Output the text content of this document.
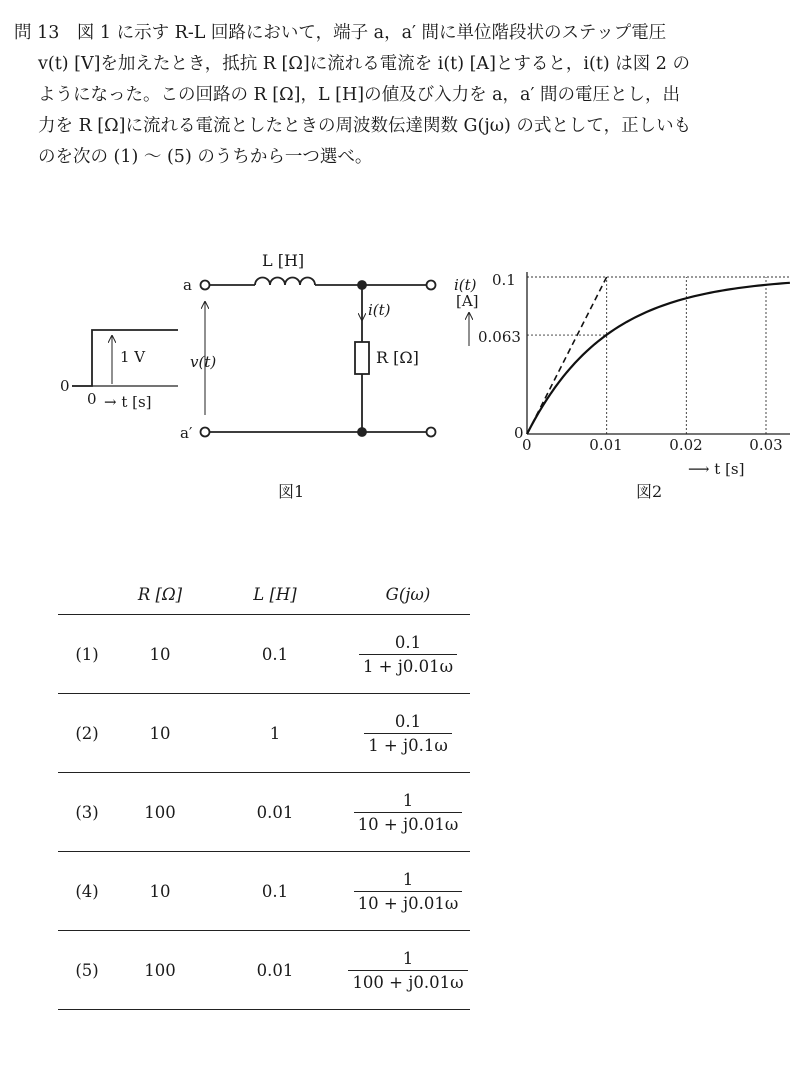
問 13　図 1 に示す R-L 回路において，端子 a，a′ 間に単位階段状のステップ電圧
v(t) [V]を加えたとき，抵抗 R [Ω]に流れる電流を i(t) [A]とすると，i(t) は図 2 の
ようになった。この回路の R [Ω]，L [H]の値及び入力を a，a′ 間の電圧とし，出
力を R [Ω]に流れる電流としたときの周波数伝達関数 G(jω) の式として，正しいも
のを次の (1) 〜 (5) のうちから一つ選べ。
0
0
1 V
→ t [s]
a
a′
L [H]
i(t)
R [Ω]
v(t)
図1
i(t)
[A]
0.1
0.063
0
0	0.01	0.02	0.03
⟶ t [s]
図2
	R [Ω]	L [H]	G(jω)
(1)	10	0.1	$\frac{0.1}{1 + j0.01\omega}$

(2)	10	1	$\frac{0.1}{1 + j0.1\omega}$

(3)	100	0.01	$\frac{1}{10 + j0.01\omega}$

(4)	10	0.1	$\frac{1}{10 + j0.01\omega}$

(5)	100	0.01	$\frac{1}{100 + j0.01\omega}$
